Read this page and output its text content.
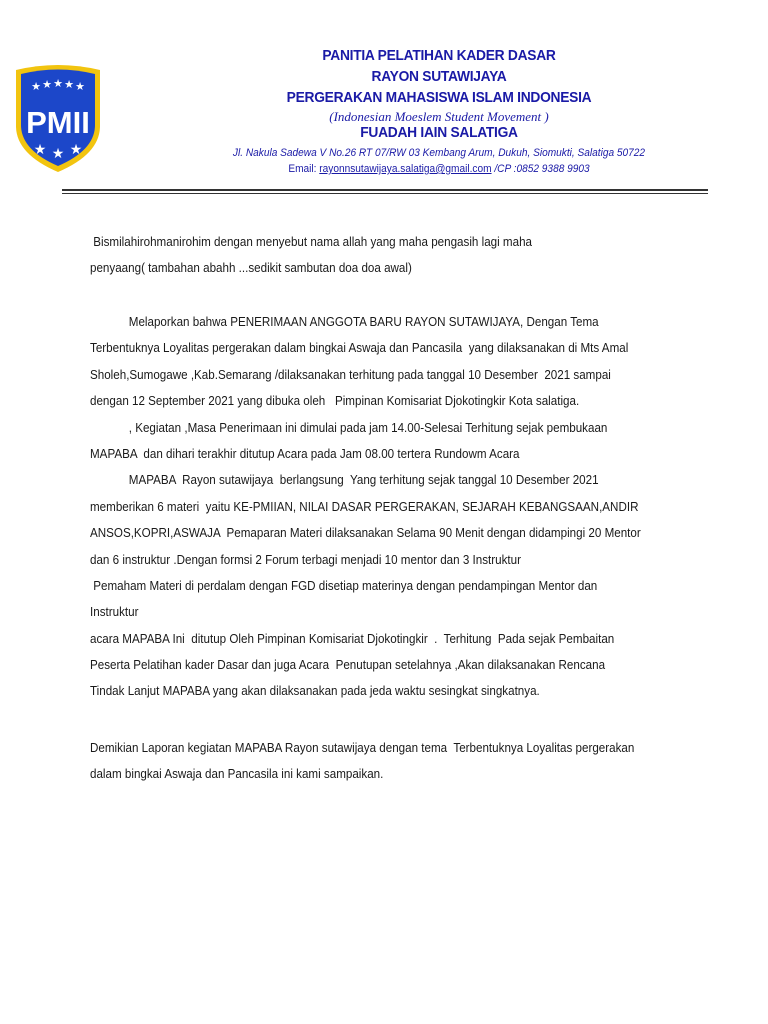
★ ★ ★ ★ ★
★ ★ ★
PMII
PANITIA PELATIHAN KADER DASAR
RAYON SUTAWIJAYA
PERGERAKAN MAHASISWA ISLAM INDONESIA
(Indonesian Moeslem Student Movement )
FUADAH IAIN SALATIGA
Jl. Nakula Sadewa V No.26 RT 07/RW 03 Kembang Arum, Dukuh, Siomukti, Salatiga 50722
Email: rayonnsutawijaya.salatiga@gmail.com /CP :0852 9388 9903
Bismilahirohmanirohim dengan menyebut nama allah yang maha pengasih lagi maha
penyaang( tambahan abahh ...sedikit sambutan doa doa awal)
Melaporkan bahwa PENERIMAAN ANGGOTA BARU RAYON SUTAWIJAYA, Dengan Tema
Terbentuknya Loyalitas pergerakan dalam bingkai Aswaja dan Pancasila  yang dilaksanakan di Mts Amal
Sholeh,Sumogawe ,Kab.Semarang /dilaksanakan terhitung pada tanggal 10 Desember  2021 sampai
dengan 12 September 2021 yang dibuka oleh   Pimpinan Komisariat Djokotingkir Kota salatiga.
, Kegiatan ,Masa Penerimaan ini dimulai pada jam 14.00-Selesai Terhitung sejak pembukaan
MAPABA  dan dihari terakhir ditutup Acara pada Jam 08.00 tertera Rundowm Acara
MAPABA  Rayon sutawijaya  berlangsung  Yang terhitung sejak tanggal 10 Desember 2021
memberikan 6 materi  yaitu KE-PMIIAN, NILAI DASAR PERGERAKAN, SEJARAH KEBANGSAAN,ANDIR
ANSOS,KOPRI,ASWAJA  Pemaparan Materi dilaksanakan Selama 90 Menit dengan didampingi 20 Mentor
dan 6 instruktur .Dengan formsi 2 Forum terbagi menjadi 10 mentor dan 3 Instruktur
Pemaham Materi di perdalam dengan FGD disetiap materinya dengan pendampingan Mentor dan
Instruktur
acara MAPABA Ini  ditutup Oleh Pimpinan Komisariat Djokotingkir  .  Terhitung  Pada sejak Pembaitan
Peserta Pelatihan kader Dasar dan juga Acara  Penutupan setelahnya ,Akan dilaksanakan Rencana
Tindak Lanjut MAPABA yang akan dilaksanakan pada jeda waktu sesingkat singkatnya.
Demikian Laporan kegiatan MAPABA Rayon sutawijaya dengan tema  Terbentuknya Loyalitas pergerakan
dalam bingkai Aswaja dan Pancasila ini kami sampaikan.
